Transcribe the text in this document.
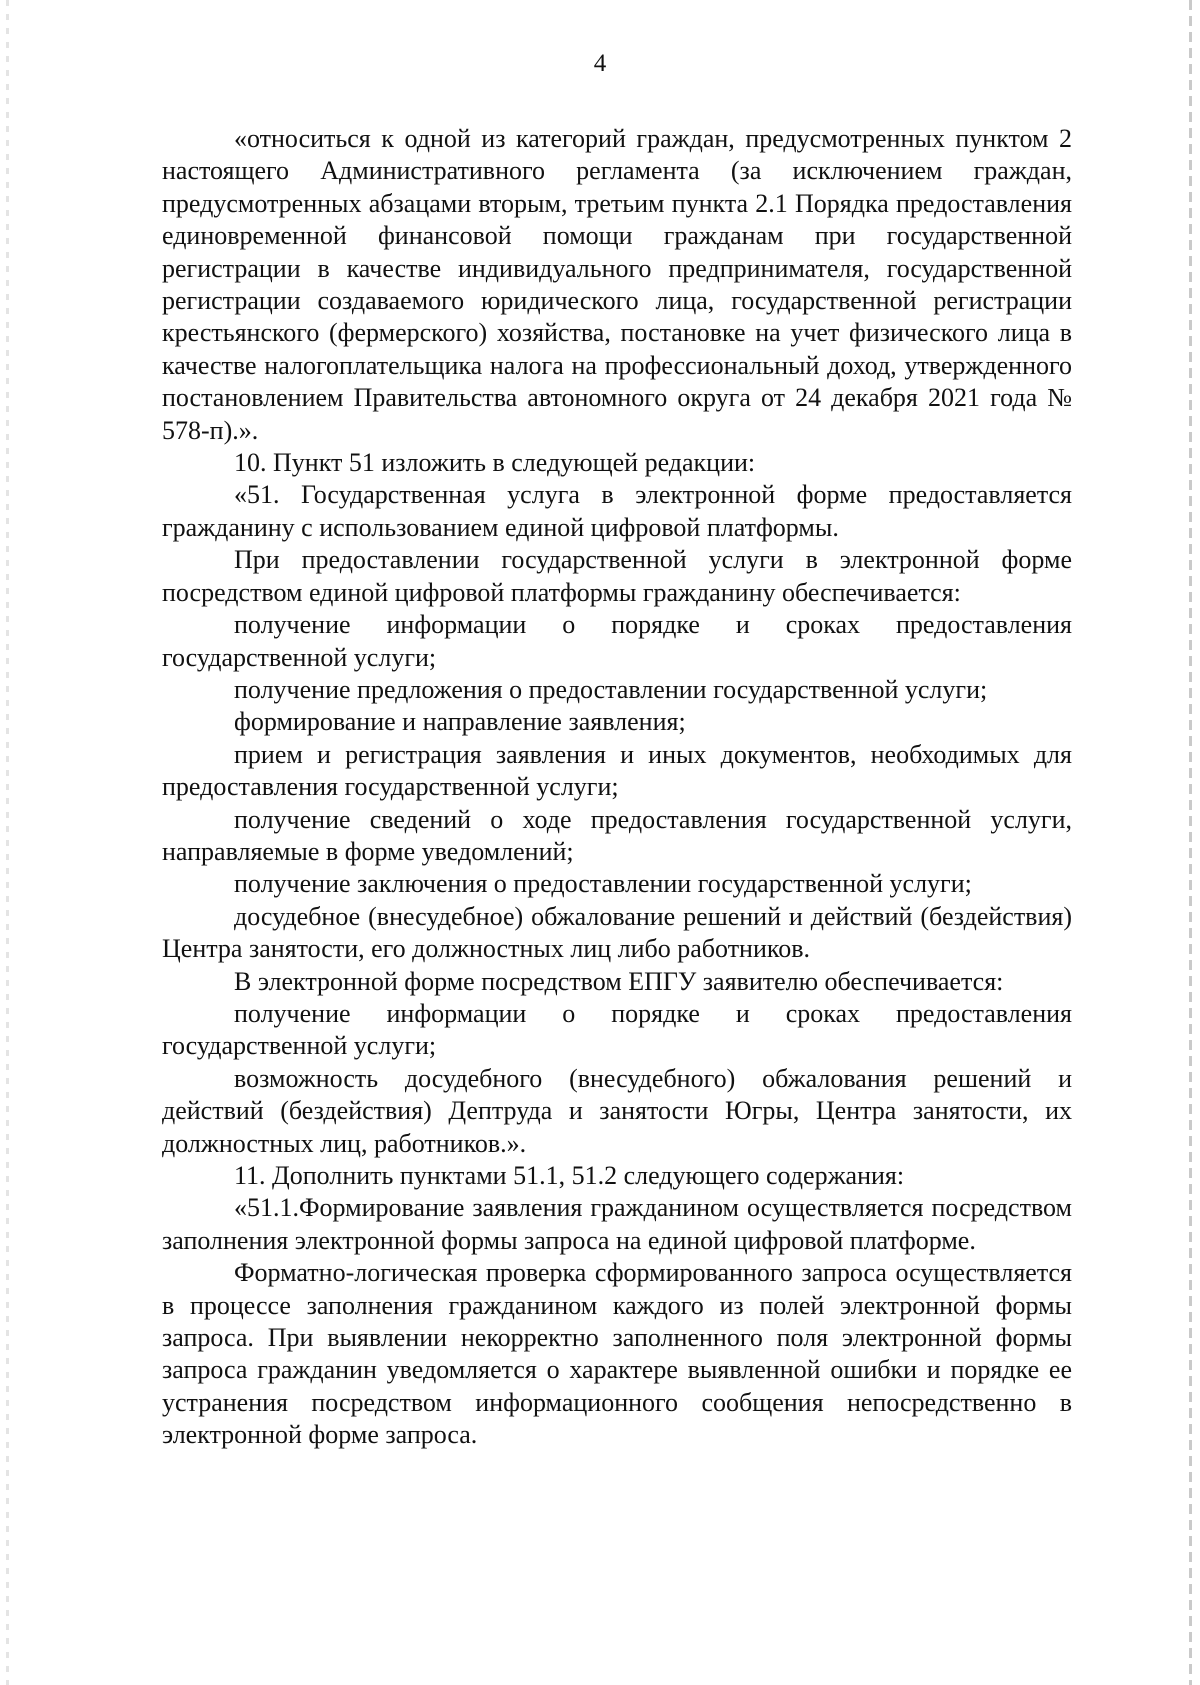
4

«относиться к одной из категорий граждан, предусмотренных пунктом 2 настоящего Административного регламента (за исключением граждан, предусмотренных абзацами вторым, третьим пункта 2.1 Порядка предоставления единовременной финансовой помощи гражданам при государственной регистрации в качестве индивидуального предпринимателя, государственной регистрации создаваемого юридического лица, государственной регистрации крестьянского (фермерского) хозяйства, постановке на учет физического лица в качестве налогоплательщика налога на профессиональный доход, утвержденного постановлением Правительства автономного округа от 24 декабря 2021 года № 578-п).».

10. Пункт 51 изложить в следующей редакции:

«51. Государственная услуга в электронной форме предоставляется гражданину с использованием единой цифровой платформы.

При предоставлении государственной услуги в электронной форме посредством единой цифровой платформы гражданину обеспечивается:

получение информации о порядке и сроках предоставления государственной услуги;

получение предложения о предоставлении государственной услуги;

формирование и направление заявления;

прием и регистрация заявления и иных документов, необходимых для предоставления государственной услуги;

получение сведений о ходе предоставления государственной услуги, направляемые в форме уведомлений;

получение заключения о предоставлении государственной услуги;

досудебное (внесудебное) обжалование решений и действий (бездействия) Центра занятости, его должностных лиц либо работников.

В электронной форме посредством ЕПГУ заявителю обеспечивается:

получение информации о порядке и сроках предоставления государственной услуги;

возможность досудебного (внесудебного) обжалования решений и действий (бездействия) Дептруда и занятости Югры, Центра занятости, их должностных лиц, работников.».

11. Дополнить пунктами 51.1, 51.2 следующего содержания:

«51.1.Формирование заявления гражданином осуществляется посредством заполнения электронной формы запроса на единой цифровой платформе.

Форматно-логическая проверка сформированного запроса осуществляется в процессе заполнения гражданином каждого из полей электронной формы запроса. При выявлении некорректно заполненного поля электронной формы запроса гражданин уведомляется о характере выявленной ошибки и порядке ее устранения посредством информационного сообщения непосредственно в электронной форме запроса.
